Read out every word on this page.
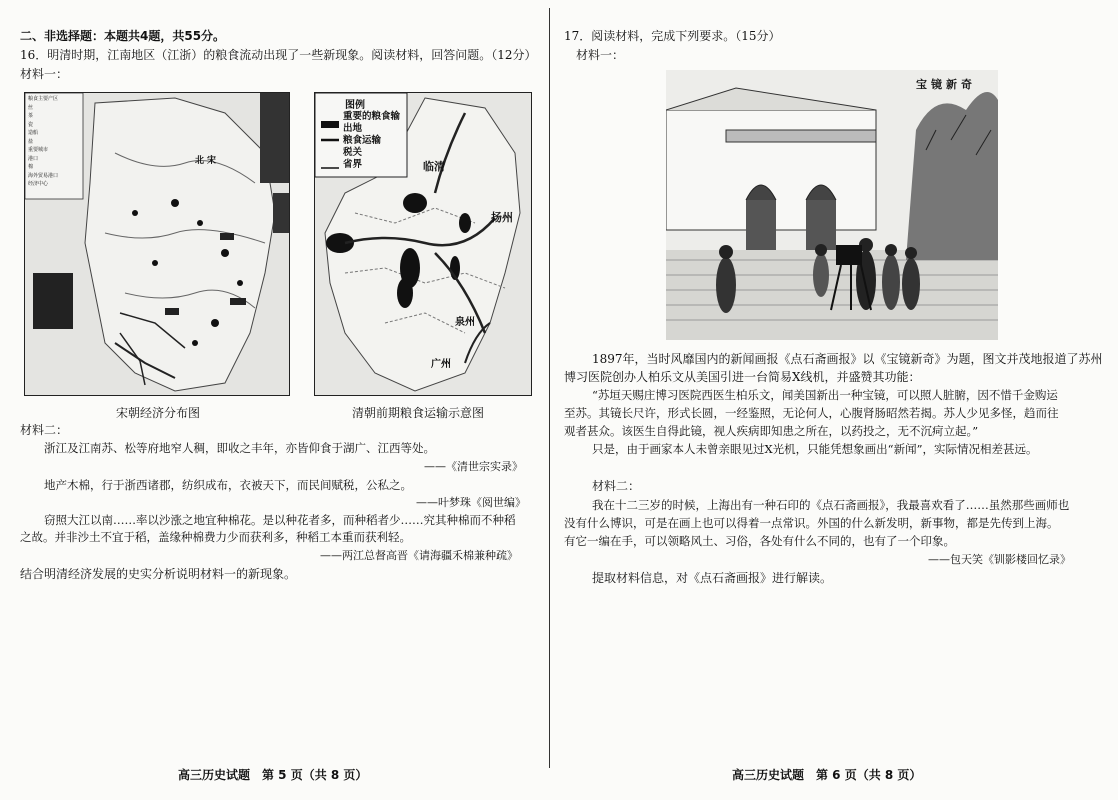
二、非选择题：本题共4题，共55分。
16．明清时期，江南地区（江浙）的粮食流动出现了一些新现象。阅读材料，回答问题。（12分）
材料一：
粮食主要产区
丝
茶
瓷
造船
盐
重要城市
港口
棉
海外贸易港口
经济中心
北 宋
图例
重要的粮食输出地
粮食运输
税关
省界	临清
扬州
泉州
广州
宋朝经济分布图	清朝前期粮食运输示意图
材料二：
浙江及江南苏、松等府地窄人稠，即收之丰年，亦皆仰食于湖广、江西等处。
——《清世宗实录》
地产木棉，行于浙西诸郡，纺织成布，衣被天下，而民间赋税，公私之。
——叶梦珠《阅世编》
窃照大江以南……率以沙涨之地宜种棉花。是以种花者多，而种稻者少……究其种棉而不种稻
之故。并非沙土不宜于稻，盖缘种棉费力少而获利多，种稻工本重而获利轻。
——两江总督高晋《请海疆禾棉兼种疏》
结合明清经济发展的史实分析说明材料一的新现象。
高三历史试题　第 5 页（共 8 页）
17．阅读材料，完成下列要求。（15分）
材料一：
宝镜新奇
1897年，当时风靡国内的新闻画报《点石斋画报》以《宝镜新奇》为题，图文并茂地报道了苏州
博习医院创办人柏乐文从美国引进一台简易X线机，并盛赞其功能：
“苏垣天赐庄博习医院西医生柏乐文，闻美国新出一种宝镜，可以照人脏腑，因不惜千金购运
至苏。其镜长尺许，形式长圆，一经鉴照，无论何人，心腹肾肠昭然若揭。苏人少见多怪，趋而往
观者甚众。该医生自得此镜，视人疾病即知患之所在，以药投之，无不沉疴立起。”
只是，由于画家本人未曾亲眼见过X光机，只能凭想象画出“新闻”，实际情况相差甚远。
材料二：
我在十二三岁的时候，上海出有一种石印的《点石斋画报》，我最喜欢看了……虽然那些画师也
没有什么博识，可是在画上也可以得着一点常识。外国的什么新发明，新事物，都是先传到上海。
有它一编在手，可以领略风土、习俗，各处有什么不同的，也有了一个印象。
——包天笑《钏影楼回忆录》
提取材料信息，对《点石斋画报》进行解读。
高三历史试题　第 6 页（共 8 页）
